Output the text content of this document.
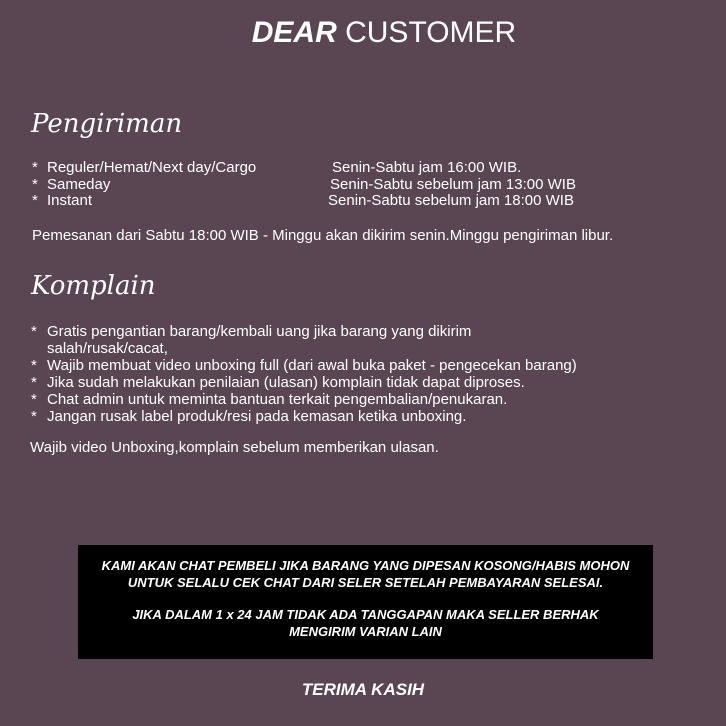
DEAR CUSTOMER
Pengiriman
* Reguler/Hemat/Next day/Cargo	Senin-Sabtu jam 16:00 WIB.
* Sameday	Senin-Sabtu sebelum jam 13:00 WIB
* Instant	Senin-Sabtu sebelum jam 18:00 WIB

Pemesanan dari Sabtu 18:00 WIB - Minggu akan dikirim senin.Minggu pengiriman libur.

Komplain
* Gratis pengantian barang/kembali uang jika barang yang dikirim salah/rusak/cacat,
* Wajib membuat video unboxing full (dari awal buka paket - pengecekan barang)
* Jika sudah melakukan penilaian (ulasan) komplain tidak dapat diproses.
* Chat admin untuk meminta bantuan terkait pengembalian/penukaran.
* Jangan rusak label produk/resi pada kemasan ketika unboxing.

Wajib video Unboxing,komplain sebelum memberikan ulasan.

KAMI AKAN CHAT PEMBELI JIKA BARANG YANG DIPESAN KOSONG/HABIS MOHON UNTUK SELALU CEK CHAT DARI SELER SETELAH PEMBAYARAN SELESAI.

JIKA DALAM 1 x 24 JAM TIDAK ADA TANGGAPAN MAKA SELLER BERHAK MENGIRIM VARIAN LAIN

TERIMA KASIH
